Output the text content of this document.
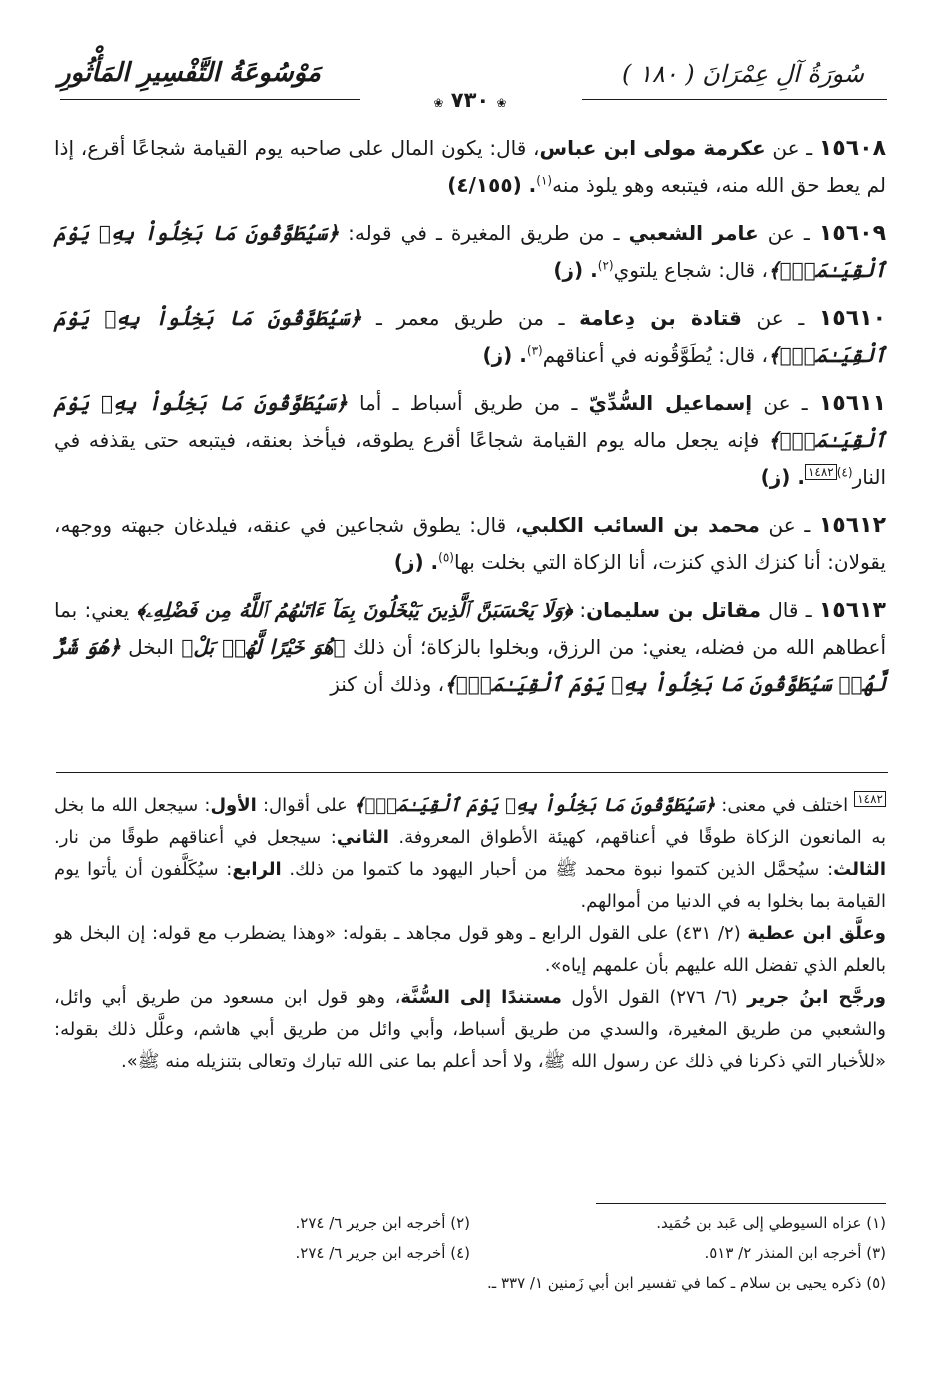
سُورَةُ آلِ عِمْرَانَ ( ١٨٠ )
مَوْسُوعَةُ التَّفْسِيرِ المَأْثُورِ
❀ ٧٣٠ ❀
١٥٦٠٨ ـ عن عكرمة مولى ابن عباس، قال: يكون المال على صاحبه يوم القيامة شجاعًا أقرع، إذا لم يعط حق الله منه، فيتبعه وهو يلوذ منه$^{(١)}$. (٤/١٥٥)
١٥٦٠٩ ـ عن عامر الشعبي ـ من طريق المغيرة ـ في قوله: ﴿سَيُطَوَّقُونَ مَا بَخِلُواْ بِهِۦ يَوْمَ ٱلْقِيَـٰمَةِۗ﴾، قال: شجاع يلتوي$^{(٢)}$. (ز)
١٥٦١٠ ـ عن قتادة بن دِعامة ـ من طريق معمر ـ ﴿سَيُطَوَّقُونَ مَا بَخِلُواْ بِهِۦ يَوْمَ ٱلْقِيَـٰمَةِۗ﴾، قال: يُطَوَّقُونه في أعناقهم$^{(٣)}$. (ز)
١٥٦١١ ـ عن إسماعيل السُّدِّيّ ـ من طريق أسباط ـ أما ﴿سَيُطَوَّقُونَ مَا بَخِلُواْ بِهِۦ يَوْمَ ٱلْقِيَـٰمَةِۗ﴾ فإنه يجعل ماله يوم القيامة شجاعًا أقرع يطوقه، فيأخذ بعنقه، فيتبعه حتى يقذفه في النار$^{(٤)}$١٤٨٢. (ز)
١٥٦١٢ ـ عن محمد بن السائب الكلبي، قال: يطوق شجاعين في عنقه، فيلدغان جبهته ووجهه، يقولان: أنا كنزك الذي كنزت، أنا الزكاة التي بخلت بها$^{(٥)}$. (ز)
١٥٦١٣ ـ قال مقاتل بن سليمان: ﴿وَلَا يَحْسَبَنَّ ٱلَّذِينَ يَبْخَلُونَ بِمَآ ءَاتَىٰهُمُ ٱللَّهُ مِن فَضْلِهِۦ﴾ يعني: بما أعطاهم الله من فضله، يعني: من الرزق، وبخلوا بالزكاة؛ أن ذلك ﴿هُوَ خَيْرًا لَّهُمۖ بَلْ﴾ البخل ﴿هُوَ شَرٌّ لَّهُمۖ سَيُطَوَّقُونَ مَا بَخِلُواْ بِهِۦ يَوْمَ ٱلْقِيَـٰمَةِۗ﴾، وذلك أن كنز

١٤٨٢ اختلف في معنى: ﴿سَيُطَوَّقُونَ مَا بَخِلُواْ بِهِۦ يَوْمَ ٱلْقِيَـٰمَةِۗ﴾ على أقوال: الأول: سيجعل الله ما بخل به المانعون الزكاة طوقًا في أعناقهم، كهيئة الأطواق المعروفة. الثاني: سيجعل في أعناقهم طوقًا من نار. الثالث: سيُحمَّل الذين كتموا نبوة محمد ﷺ من أحبار اليهود ما كتموا من ذلك. الرابع: سيُكَلَّفون أن يأتوا يوم القيامة بما بخلوا به في الدنيا من أموالهم.

وعلَّق ابن عطية (٢/ ٤٣١) على القول الرابع ـ وهو قول مجاهد ـ بقوله: «وهذا يضطرب مع قوله: إن البخل هو بالعلم الذي تفضل الله عليهم بأن علمهم إياه».

ورجَّح ابنُ جرير (٦/ ٢٧٦) القول الأول مستندًا إلى السُّنَّة، وهو قول ابن مسعود من طريق أبي وائل، والشعبي من طريق المغيرة، والسدي من طريق أسباط، وأبي وائل من طريق أبي هاشم، وعلَّل ذلك بقوله: «للأخبار التي ذكرنا في ذلك عن رسول الله ﷺ، ولا أحد أعلم بما عنى الله تبارك وتعالى بتنزيله منه ﷺ».

(١) عزاه السيوطي إلى عَبد بن حُمَيد.
(٢) أخرجه ابن جرير ٦/ ٢٧٤.
(٣) أخرجه ابن المنذر ٢/ ٥١٣.
(٤) أخرجه ابن جرير ٦/ ٢٧٤.
(٥) ذكره يحيى بن سلام ـ كما في تفسير ابن أبي زَمنين ١/ ٣٣٧ ـ.
